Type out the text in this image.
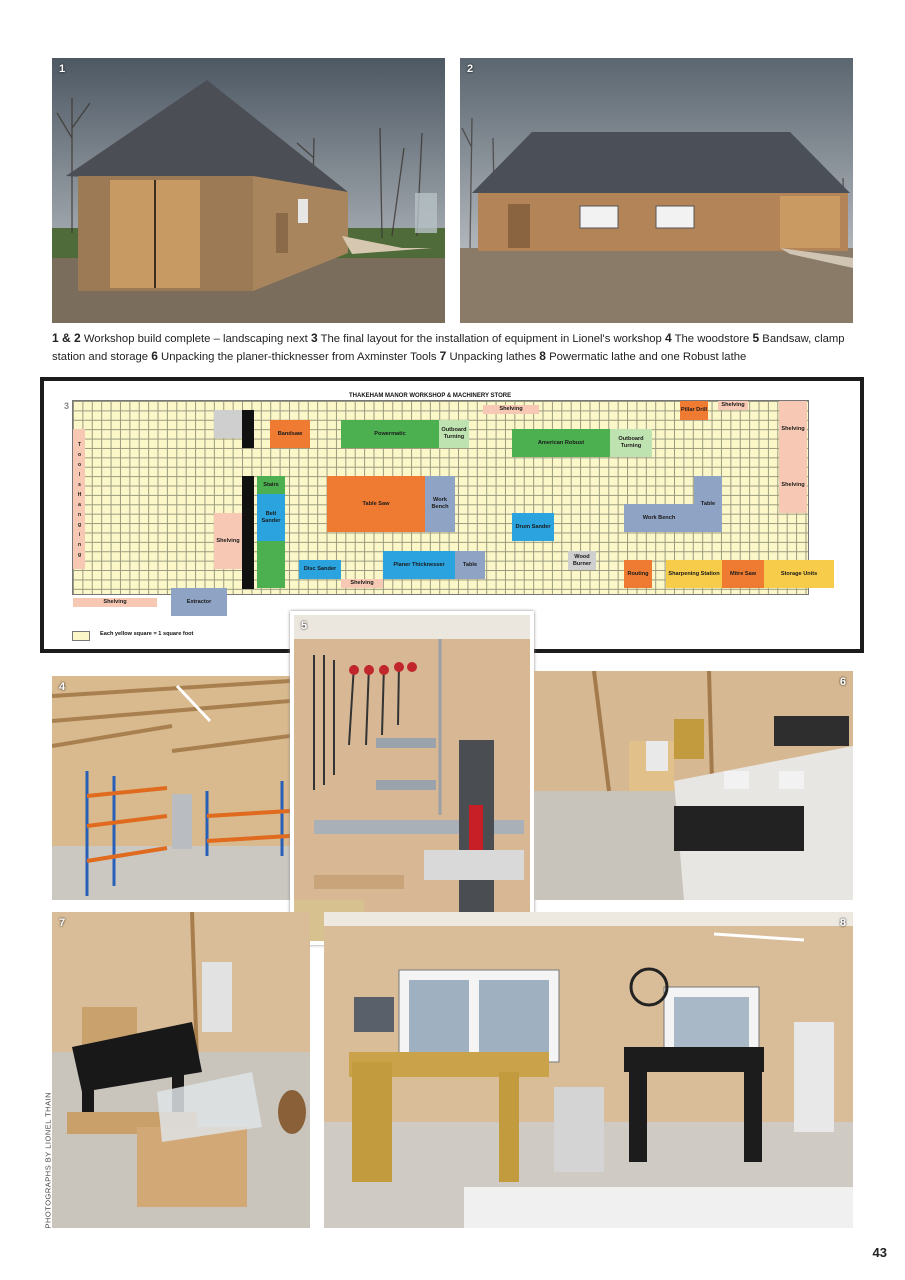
1	2
1 & 2 Workshop build complete – landscaping next 3 The final layout for the installation of equipment in Lionel's workshop 4 The woodstore 5 Bandsaw, clamp station and storage 6 Unpacking the planer-thicknesser from Axminster Tools 7 Unpacking lathes 8 Powermatic lathe and one Robust lathe
3
THAKEHAM MANOR WORKSHOP & MACHINERY STORE
T o o l s H a n g i n g
Bandsaw	Powermatic
Outboard Turning
Shelving
American Robust
Outboard Turning
Pillar Drill
Shelving
Shelving
Shelving
Stairs
Belt Sander
Table Saw
Work Bench
Drum Sander
Work Bench
Table
Shelving
Disc Sander
Planer Thicknesser	Table
Shelving
Wood Burner
Routing	Sharpening Station	Mitre Saw	Storage Units
Shelving	Extractor
Each yellow square = 1 square foot
4
5
6
7	8
PHOTOGRAPHS BY LIONEL THAIN
43
